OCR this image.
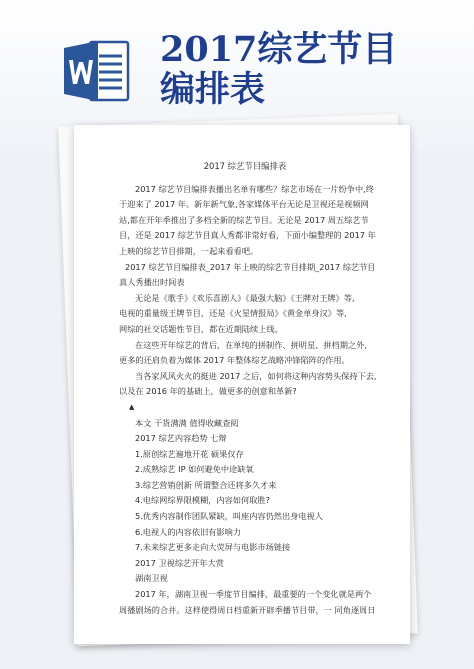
2017综艺节目
编排表
2017 综艺节目编排表
2017 综艺节目编排表播出名单有哪些？综艺市场在一片纷争中,终
于迎来了 2017 年。新年新气象,各家媒体平台无论是卫视还是视频网
站,都在开年季推出了多档全新的综艺节目。无论是 2017 周五综艺节
目，还是 2017 综艺节目真人秀都非常好看，下面小编整理的 2017 年
上映的综艺节目排期，一起来看看吧。
2017 综艺节目编排表_2017 年上映的综艺节目排期_2017 综艺节目
真人秀播出时间表
无论是《歌手》《欢乐喜剧人》《最强大脑》《王牌对王牌》等,
电视的重量级王牌节目，还是《火星情报局》《黄金单身汉》等,
网综的社交话题性节目，都在近期陆续上线。
在这些开年综艺的背后，在单纯的拼制作、拼明星、拼档期之外,
更多的还肩负着为媒体 2017 年整体综艺战略冲锋陷阵的作用。
当各家风风火火的挺进 2017 之后，如何将这种内容势头保持下去,
以及在 2016 年的基础上，做更多的创意和革新?
▲
本文 干货满满 值得收藏查阅
2017 综艺内容趋势 七辩
1.原创综艺遍地开花 硕果仅存
2.成熟综艺 IP 如何避免中途缺氧
3.综艺营销创新 所谓整合还将多久才来
4.电综网综界限模糊，内容如何取胜?
5.优秀内容制作团队紧缺，叫座内容仍然出身电视人
6.电视人的内容依旧有影响力
7.未来综艺更多走向大荧屏与电影市场链接
2017 卫视综艺开年大赏
湖南卫视
2017 年，湖南卫视一季度节目编排，最重要的一个变化就是两个
周播剧场的合并。这样使得周日档重新开辟季播节目带，一 同角逐周日
